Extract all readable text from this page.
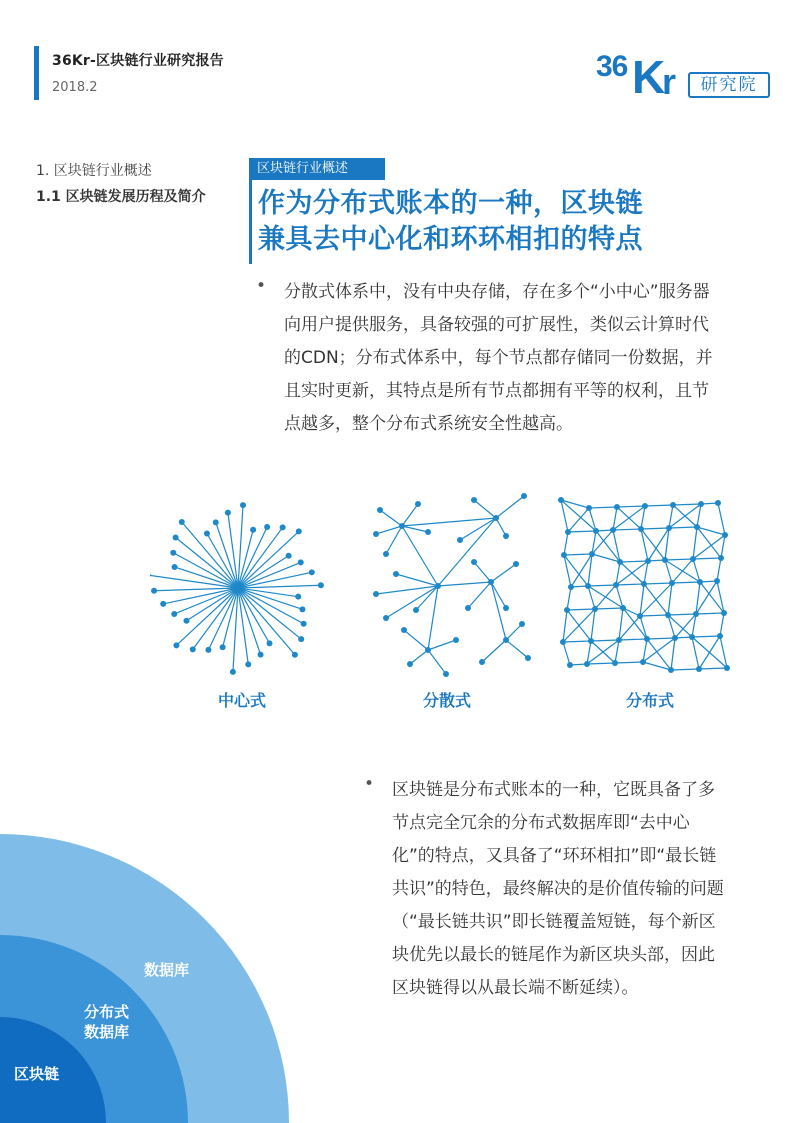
36Kr-区块链行业研究报告
2018.2
36 K
r	研究院
1. 区块链行业概述
1.1 区块链发展历程及简介
区块链行业概述
作为分布式账本的一种，区块链
兼具去中心化和环环相扣的特点
• 分散式体系中，没有中央存储，存在多个“小中心”服务器向用户提供服务，具备较强的可扩展性，类似云计算时代的CDN；分布式体系中，每个节点都存储同一份数据，并且实时更新，其特点是所有节点都拥有平等的权利，且节点越多，整个分布式系统安全性越高。

中心式	分散式	分布式
• 区块链是分布式账本的一种，它既具备了多节点完全冗余的分布式数据库即“去中心化”的特点，又具备了“环环相扣”即“最长链共识”的特色，最终解决的是价值传输的问题（“最长链共识”即长链覆盖短链，每个新区块优先以最长的链尾作为新区块头部，因此区块链得以从最长端不断延续）。

数据库
分布式
数据库
区块链
